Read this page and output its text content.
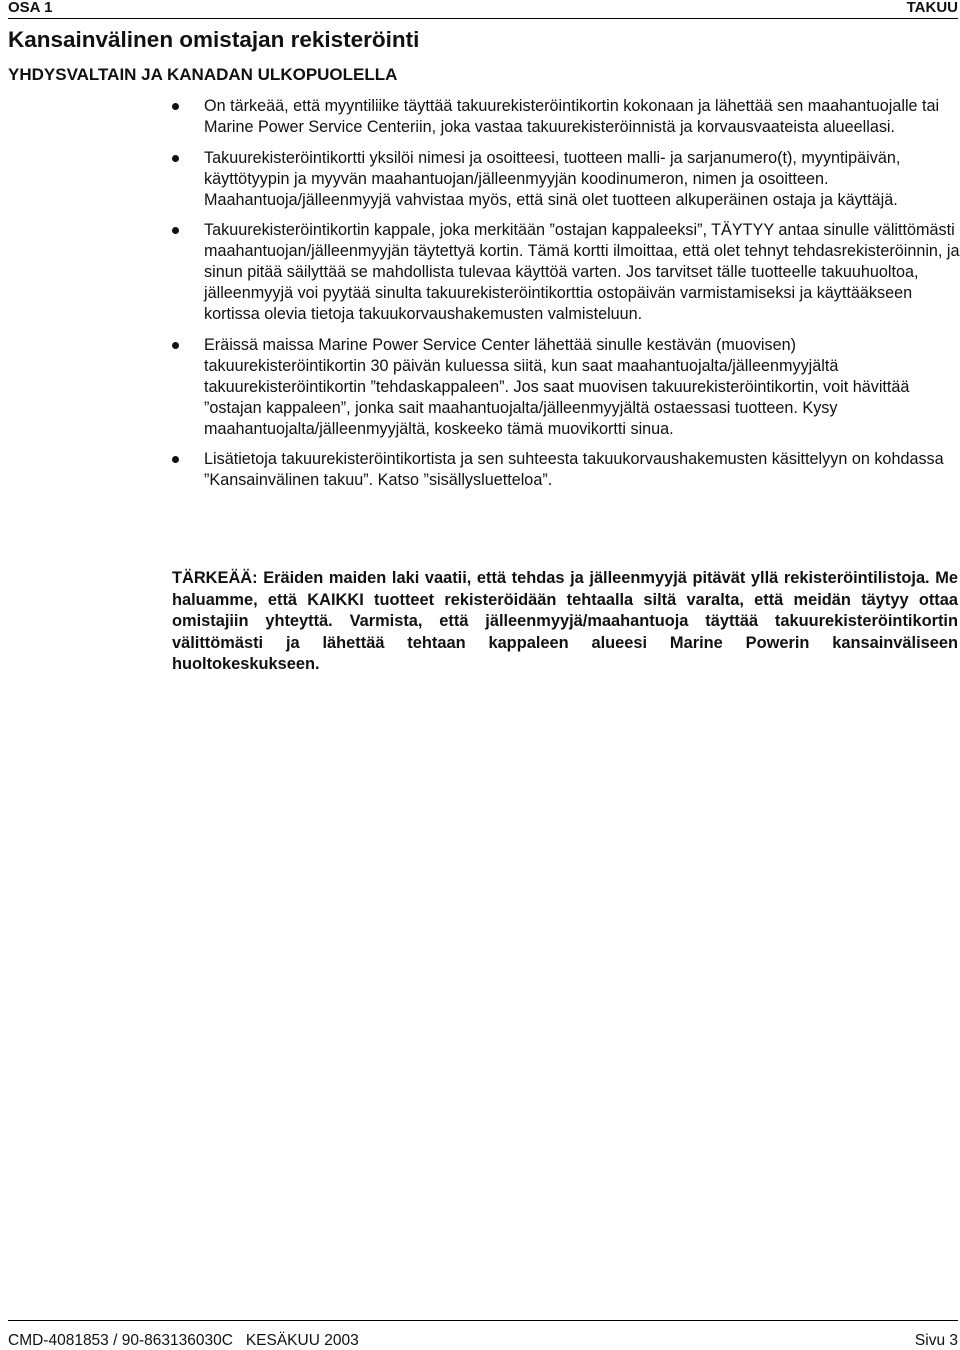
OSA 1	TAKUU
Kansainvälinen omistajan rekisteröinti
YHDYSVALTAIN JA KANADAN ULKOPUOLELLA
On tärkeää, että myyntiliike täyttää takuurekisteröintikortin kokonaan ja lähettää sen maahantuojalle tai Marine Power Service Centeriin, joka vastaa takuurekisteröinnistä ja korvausvaateista alueellasi.
Takuurekisteröintikortti yksilöi nimesi ja osoitteesi, tuotteen malli- ja sarjanumero(t), myyntipäivän, käyttötyypin ja myyvän maahantuojan/jälleenmyyjän koodinumeron, nimen ja osoitteen. Maahantuoja/jälleenmyyjä vahvistaa myös, että sinä olet tuotteen alkuperäinen ostaja ja käyttäjä.
Takuurekisteröintikortin kappale, joka merkitään ”ostajan kappaleeksi”, TÄYTYY antaa sinulle välittömästi maahantuojan/jälleenmyyjän täytettyä kortin. Tämä kortti ilmoittaa, että olet tehnyt tehdasrekisteröinnin, ja sinun pitää säilyttää se mahdollista tulevaa käyttöä varten. Jos tarvitset tälle tuotteelle takuuhuoltoa, jälleenmyyjä voi pyytää sinulta takuurekisteröintikorttia ostopäivän varmistamiseksi ja käyttääkseen kortissa olevia tietoja takuukorvaushakemusten valmisteluun.
Eräissä maissa Marine Power Service Center lähettää sinulle kestävän (muovisen) takuurekisteröintikortin 30 päivän kuluessa siitä, kun saat maahantuojalta/jälleenmyyjältä takuurekisteröintikortin ”tehdaskappaleen”. Jos saat muovisen takuurekisteröintikortin, voit hävittää ”ostajan kappaleen”, jonka sait maahantuojalta/jälleenmyyjältä ostaessasi tuotteen. Kysy maahantuojalta/jälleenmyyjältä, koskeeko tämä muovikortti sinua.
Lisätietoja takuurekisteröintikortista ja sen suhteesta takuukorvaushakemusten käsittelyyn on kohdassa ”Kansainvälinen takuu”. Katso ”sisällysluetteloa”.
TÄRKEÄÄ: Eräiden maiden laki vaatii, että tehdas ja jälleenmyyjä pitävät yllä rekisteröintilistoja. Me haluamme, että KAIKKI tuotteet rekisteröidään tehtaalla siltä varalta, että meidän täytyy ottaa omistajiin yhteyttä. Varmista, että jälleenmyyjä/maahantuoja täyttää takuurekisteröintikortin välittömästi ja lähettää tehtaan kappaleen alueesi Marine Powerin kansainväliseen huoltokeskukseen.
CMD-4081853 / 90-863136030C   KESÄKUU 2003	Sivu 3
